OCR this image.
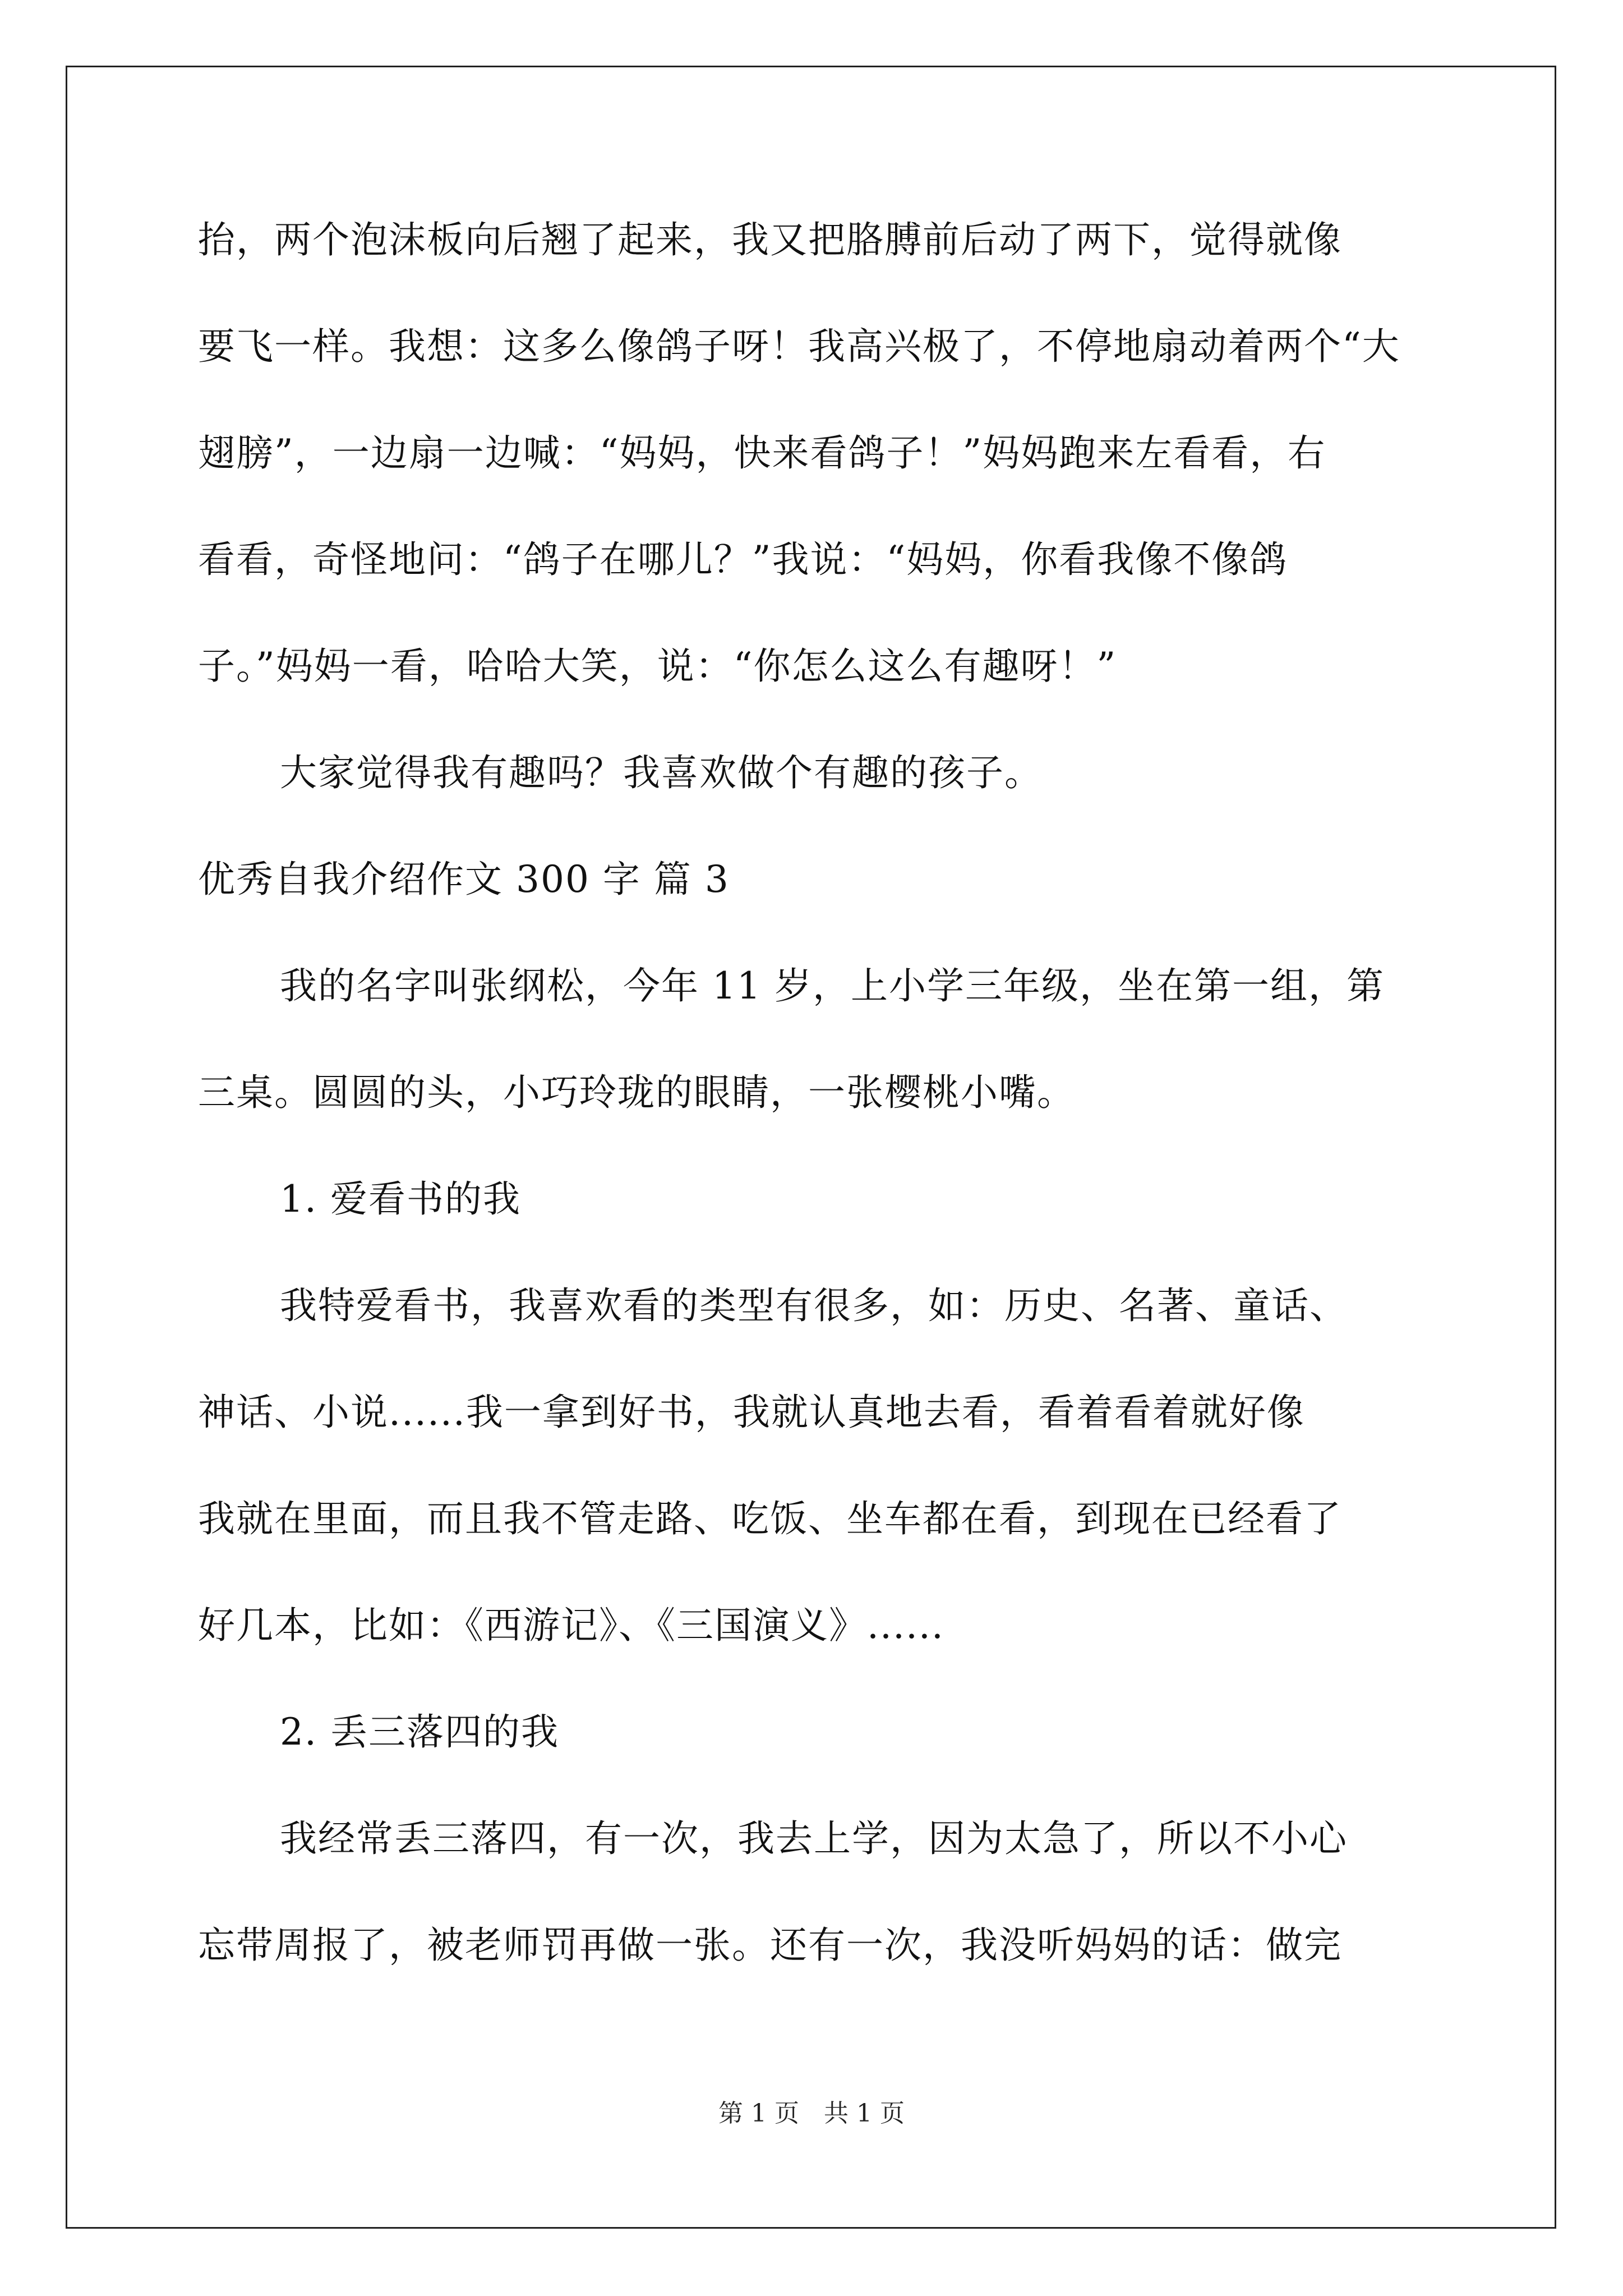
抬，两个泡沫板向后翘了起来，我又把胳膊前后动了两下，觉得就像
要飞一样。我想：这多么像鸽子呀！我高兴极了，不停地扇动着两个“大
翅膀”，一边扇一边喊：“妈妈，快来看鸽子！”妈妈跑来左看看，右
看看，奇怪地问：“鸽子在哪儿？”我说：“妈妈，你看我像不像鸽
子。”妈妈一看，哈哈大笑，说：“你怎么这么有趣呀！”
大家觉得我有趣吗？我喜欢做个有趣的孩子。
优秀自我介绍作文 300 字 篇 3
我的名字叫张纲松，今年 11 岁，上小学三年级，坐在第一组，第
三桌。圆圆的头，小巧玲珑的眼睛，一张樱桃小嘴。
1. 爱看书的我
我特爱看书，我喜欢看的类型有很多，如：历史、名著、童话、
神话、小说......我一拿到好书，我就认真地去看，看着看着就好像
我就在里面，而且我不管走路、吃饭、坐车都在看，到现在已经看了
好几本，比如：《西游记》、《三国演义》......
2. 丢三落四的我
我经常丢三落四，有一次，我去上学，因为太急了，所以不小心
忘带周报了，被老师罚再做一张。还有一次，我没听妈妈的话：做完
第 1 页　共 1 页
